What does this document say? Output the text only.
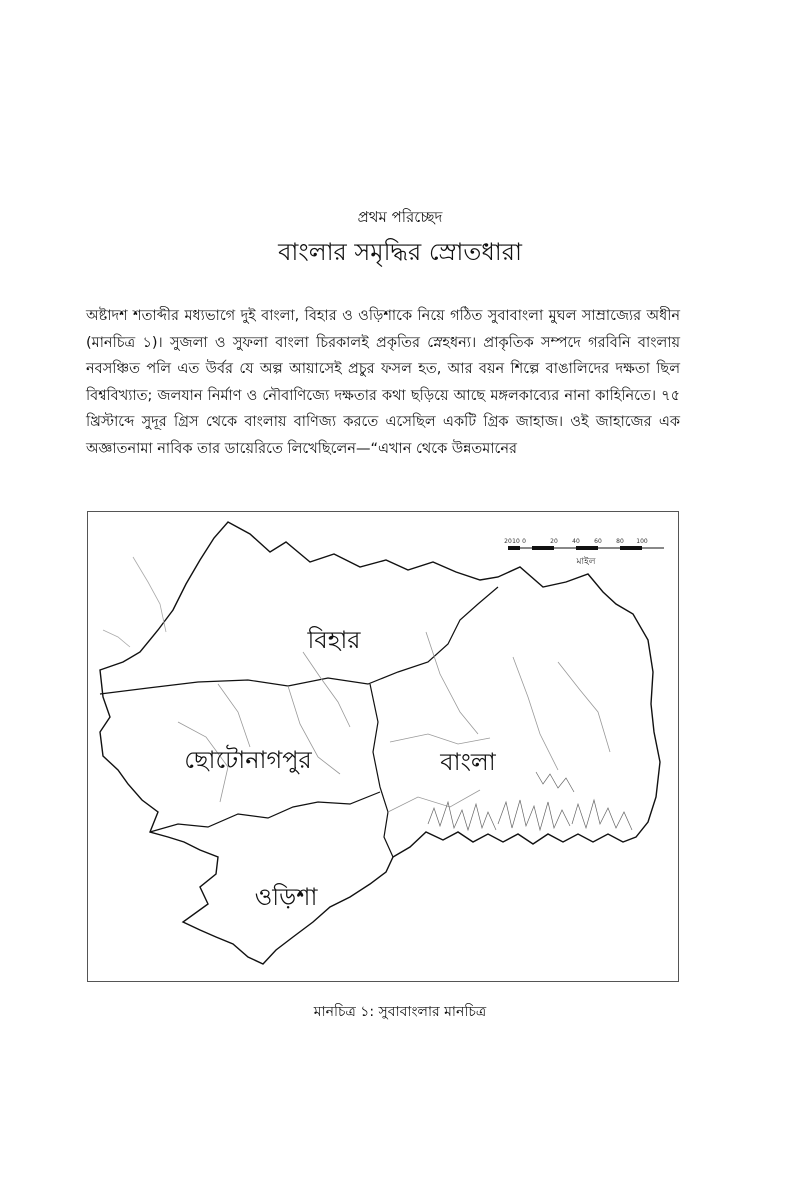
প্রথম পরিচ্ছেদ
বাংলার সমৃদ্ধির স্রোতধারা

অষ্টাদশ শতাব্দীর মধ্যভাগে দুই বাংলা, বিহার ও ওড়িশাকে নিয়ে গঠিত সুবাবাংলা মুঘল সাম্রাজ্যের অধীন (মানচিত্র ১)। সুজলা ও সুফলা বাংলা চিরকালই প্রকৃতির স্নেহধন্য। প্রাকৃতিক সম্পদে গরবিনি বাংলায় নবসঞ্চিত পলি এত উর্বর যে অল্প আয়াসেই প্রচুর ফসল হত, আর বয়ন শিল্পে বাঙালিদের দক্ষতা ছিল বিশ্ববিখ্যাত; জলযান নির্মাণ ও নৌবাণিজ্যে দক্ষতার কথা ছড়িয়ে আছে মঙ্গলকাব্যের নানা কাহিনিতে। ৭৫ খ্রিস্টাব্দে সুদূর গ্রিস থেকে বাংলায় বাণিজ্য করতে এসেছিল একটি গ্রিক জাহাজ। ওই জাহাজের এক অজ্ঞাতনামা নাবিক তার ডায়েরিতে লিখেছিলেন—“এখান থেকে উন্নতমানের

20 10 0	20 40 60 80 100
মাইল
বিহার
ছোটোনাগপুর	বাংলা
ওড়িশা
মানচিত্র ১: সুবাবাংলার মানচিত্র
